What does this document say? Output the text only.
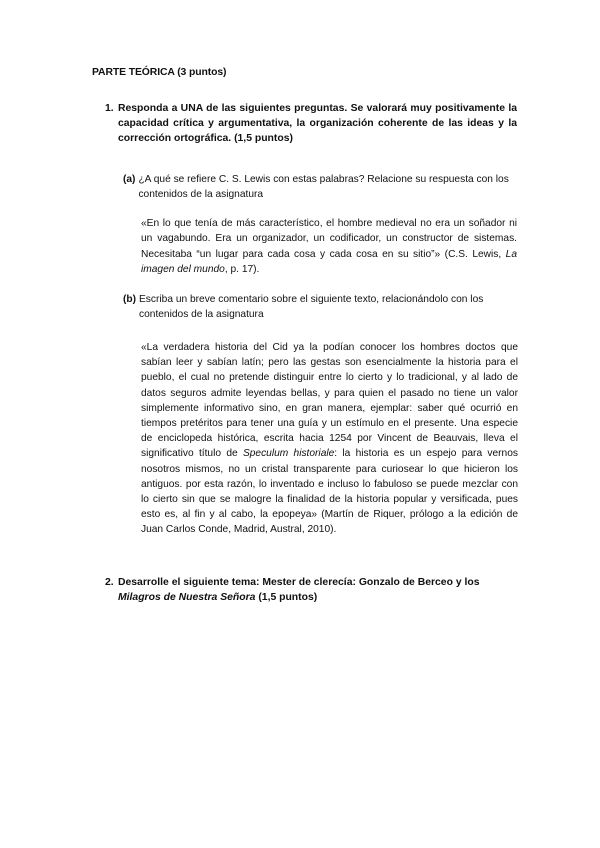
PARTE TEÓRICA (3 puntos)
1. Responda a UNA de las siguientes preguntas. Se valorará muy positivamente la capacidad crítica y argumentativa, la organización coherente de las ideas y la corrección ortográfica. (1,5 puntos)
(a) ¿A qué se refiere C. S. Lewis con estas palabras? Relacione su respuesta con los contenidos de la asignatura
«En lo que tenía de más característico, el hombre medieval no era un soñador ni un vagabundo. Era un organizador, un codificador, un constructor de sistemas. Necesitaba “un lugar para cada cosa y cada cosa en su sitio”» (C.S. Lewis, La imagen del mundo, p. 17).
(b) Escriba un breve comentario sobre el siguiente texto, relacionándolo con los contenidos de la asignatura
«La verdadera historia del Cid ya la podían conocer los hombres doctos que sabían leer y sabían latín; pero las gestas son esencialmente la historia para el pueblo, el cual no pretende distinguir entre lo cierto y lo tradicional, y al lado de datos seguros admite leyendas bellas, y para quien el pasado no tiene un valor simplemente informativo sino, en gran manera, ejemplar: saber qué ocurrió en tiempos pretéritos para tener una guía y un estímulo en el presente. Una especie de enciclopeda histórica, escrita hacia 1254 por Vincent de Beauvais, lleva el significativo título de Speculum historiale: la historia es un espejo para vernos nosotros mismos, no un cristal transparente para curiosear lo que hicieron los antiguos. por esta razón, lo inventado e incluso lo fabuloso se puede mezclar con lo cierto sin que se malogre la finalidad de la historia popular y versificada, pues esto es, al fin y al cabo, la epopeya» (Martín de Riquer, prólogo a la edición de Juan Carlos Conde, Madrid, Austral, 2010).
2. Desarrolle el siguiente tema: Mester de clerecía: Gonzalo de Berceo y los Milagros de Nuestra Señora (1,5 puntos)
